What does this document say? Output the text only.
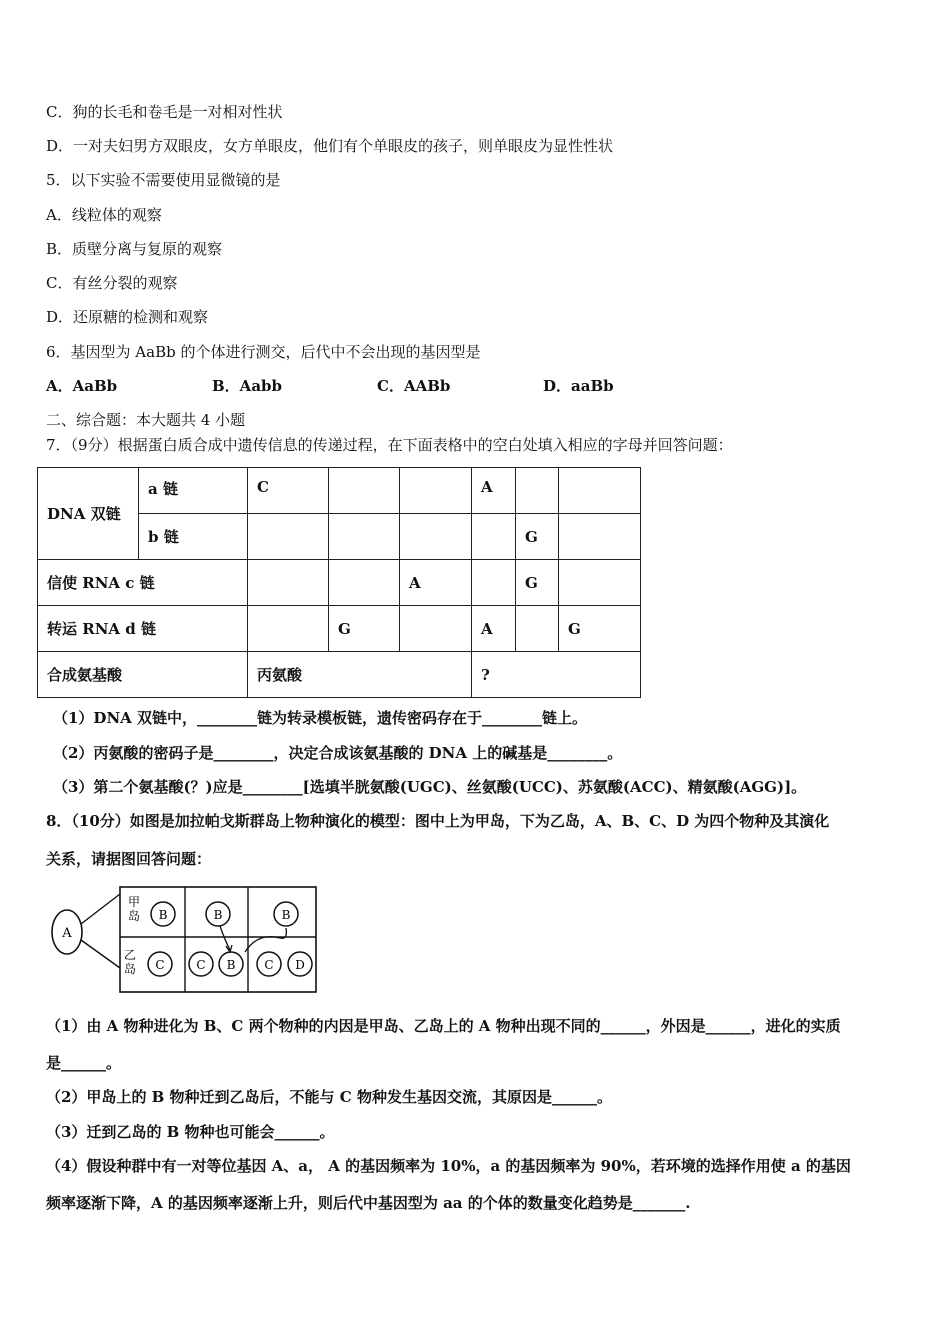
C．狗的长毛和卷毛是一对相对性状
D．一对夫妇男方双眼皮，女方单眼皮，他们有个单眼皮的孩子，则单眼皮为显性性状
5．以下实验不需要使用显微镜的是
A．线粒体的观察
B．质壁分离与复原的观察
C．有丝分裂的观察
D．还原糖的检测和观察
6．基因型为 AaBb 的个体进行测交，后代中不会出现的基因型是
A．AaBb	B．Aabb	C．AABb	D．aaBb
二、综合题：本大题共 4 小题
7．（9分）根据蛋白质合成中遗传信息的传递过程，在下面表格中的空白处填入相应的字母并回答问题：
DNA 双链	a 链	C			A		
	b 链					G	
信使 RNA c 链				A		G	
转运 RNA d 链			G		A		G
合成氨基酸		丙氨酸			?		
（1）DNA 双链中，________链为转录模板链，遗传密码存在于________链上。
（2）丙氨酸的密码子是________，决定合成该氨基酸的 DNA 上的碱基是________。
（3）第二个氨基酸(？)应是________[选填半胱氨酸(UGC)、丝氨酸(UCC)、苏氨酸(ACC)、精氨酸(AGG)]。
8．（10分）如图是加拉帕戈斯群岛上物种演化的模型：图中上为甲岛，下为乙岛，A、B、C、D 为四个物种及其演化
关系，请据图回答问题：
A
甲
岛
乙
岛
B	B	B
C	C B C D
（1）由 A 物种进化为 B、C 两个物种的内因是甲岛、乙岛上的 A 物种出现不同的______，外因是______，进化的实质
是______。
（2）甲岛上的 B 物种迁到乙岛后，不能与 C 物种发生基因交流，其原因是______。
（3）迁到乙岛的 B 物种也可能会______。
（4）假设种群中有一对等位基因 A、a， A 的基因频率为 10%，a 的基因频率为 90%，若环境的选择作用使 a 的基因
频率逐渐下降，A 的基因频率逐渐上升，则后代中基因型为 aa 的个体的数量变化趋势是_______.
